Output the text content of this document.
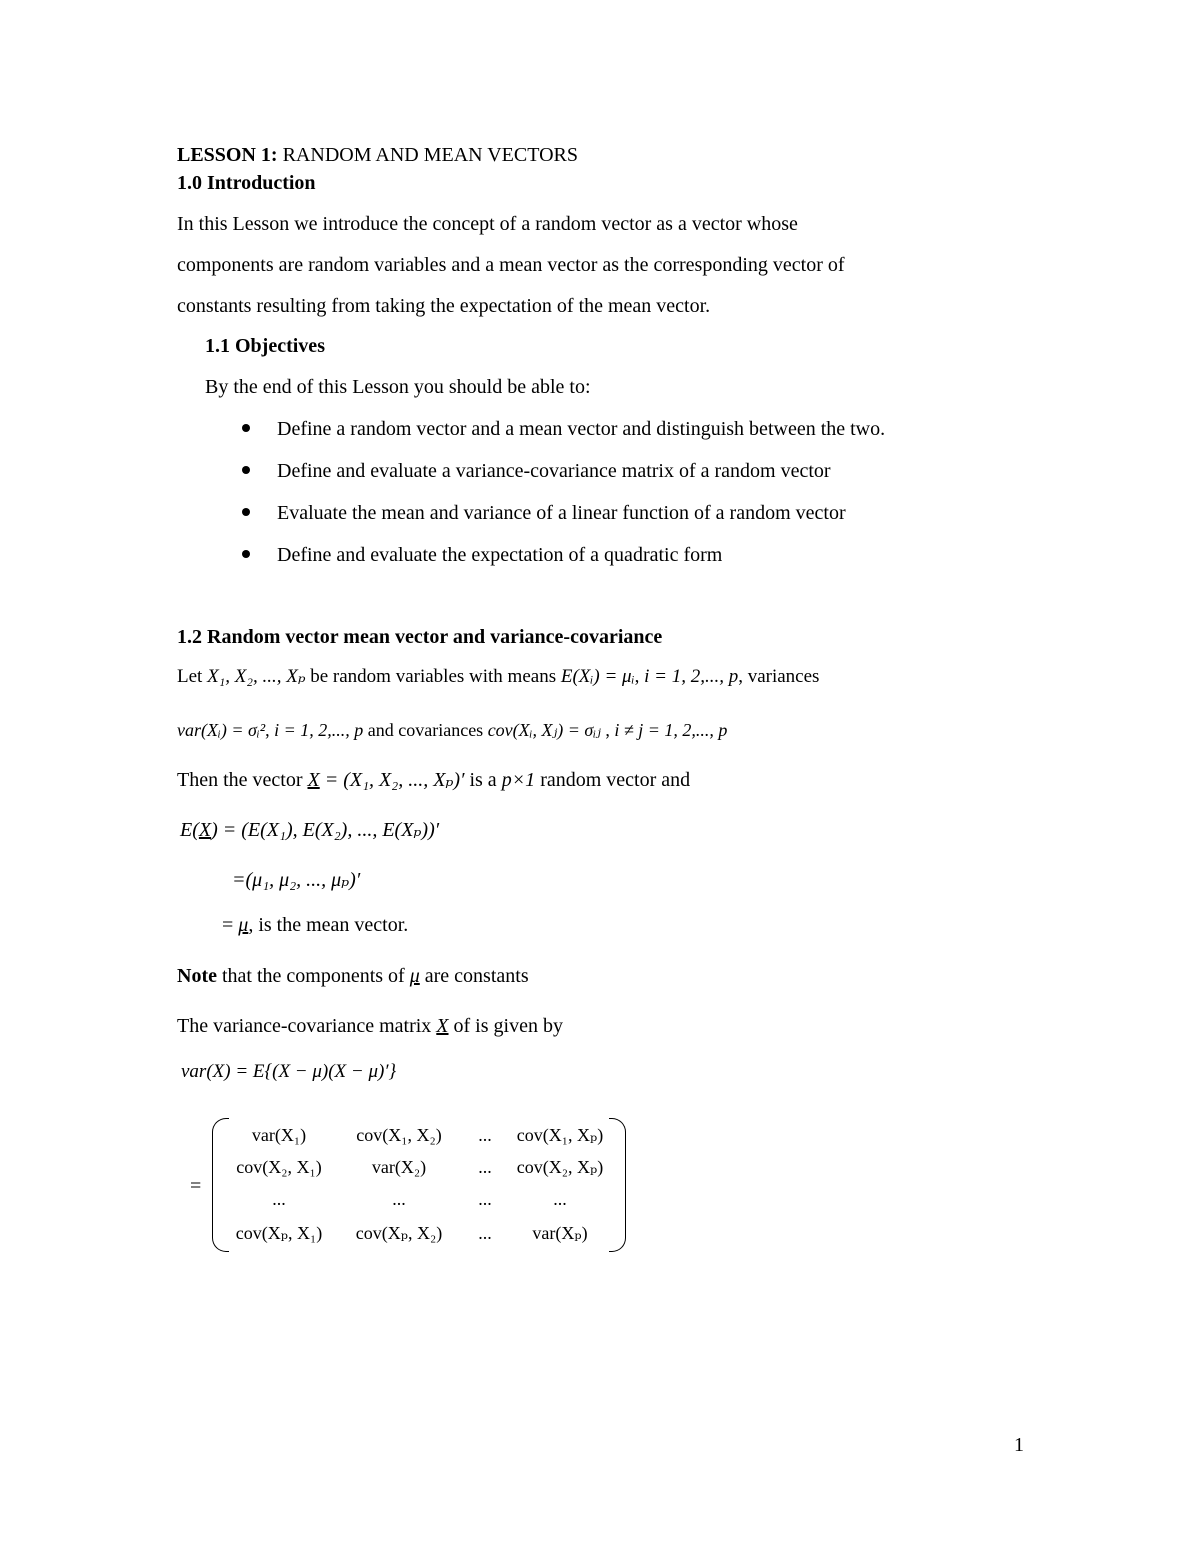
LESSON 1: RANDOM AND MEAN VECTORS
1.0 Introduction
In this Lesson we introduce the concept of a random vector as a vector whose
components are random variables and a mean vector as the corresponding vector of
constants resulting from taking the expectation of the mean vector.
1.1 Objectives
By the end of this Lesson you should be able to:
Define a random vector and a mean vector and distinguish between the two.
Define and evaluate a variance-covariance matrix of a random vector
Evaluate the mean and variance of a linear function of a random vector
Define and evaluate the expectation of a quadratic form
1.2 Random vector mean vector and variance-covariance
Let X₁, X₂, ..., Xₚ be random variables with means E(Xᵢ) = μᵢ, i = 1, 2,..., p, variances
var(Xᵢ) = σᵢ², i = 1, 2,..., p and covariances cov(Xᵢ, Xⱼ) = σᵢⱼ , i ≠ j = 1, 2,..., p
Then the vector X = (X₁, X₂, ..., Xₚ)′ is a p×1 random vector and
E(X) = (E(X₁), E(X₂), ..., E(Xₚ))′
=(μ₁, μ₂, ..., μₚ)′
= μ, is the mean vector.
Note that the components of μ are constants
The variance-covariance matrix X of is given by
var(X) = E{(X − μ)(X − μ)′}
=
var(X₁)	cov(X₁, X₂)	...	cov(X₁, Xₚ)
cov(X₂, X₁)	var(X₂)	...	cov(X₂, Xₚ)
...	...	...	...
cov(Xₚ, X₁)	cov(Xₚ, X₂)	...	var(Xₚ)
1
